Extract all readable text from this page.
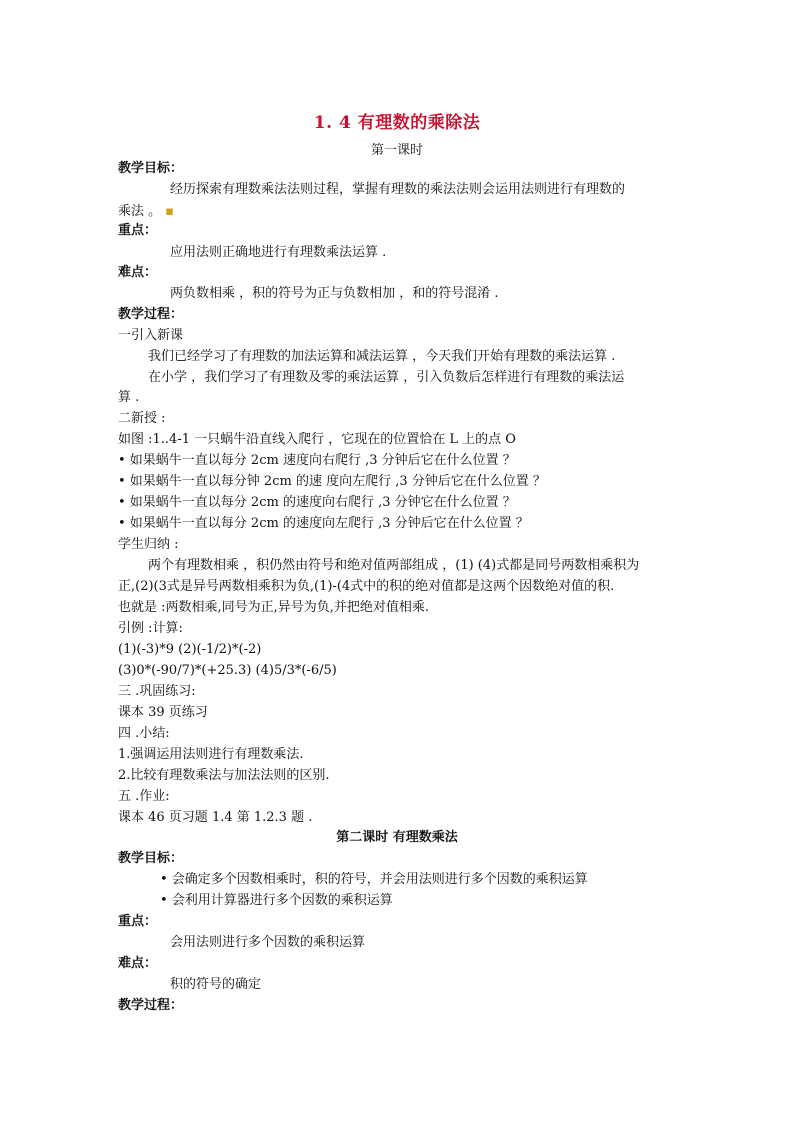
1. 4 有理数的乘除法
第一课时
教学目标：
经历探索有理数乘法法则过程，掌握有理数的乘法法则会运用法则进行有理数的
乘法 。 ▪
重点：
应用法则正确地进行有理数乘法运算 .
难点：
两负数相乘 ，积的符号为正与负数相加 ，和的符号混淆 .
教学过程：
一引入新课
我们已经学习了有理数的加法运算和减法运算 ，今天我们开始有理数的乘法运算 .
在小学 ，我们学习了有理数及零的乘法运算 ，引入负数后怎样进行有理数的乘法运
算 .
二新授 :
如图 :1..4-1 一只蜗牛沿直线入爬行 ，它现在的位置恰在 L 上的点 O
• 如果蜗牛一直以每分 2cm 速度向右爬行 ,3 分钟后它在什么位置 ？
• 如果蜗牛一直以每分钟 2cm 的速 度向左爬行 ,3 分钟后它在什么位置 ？
• 如果蜗牛一直以每分 2cm 的速度向右爬行 ,3 分钟它在什么位置 ？
• 如果蜗牛一直以每分 2cm 的速度向左爬行 ,3 分钟后它在什么位置 ？
学生归纳 :
两个有理数相乘 ，积仍然由符号和绝对值两部组成 ，(1) (4)式都是同号两数相乘积为
正,(2)(3式是异号两数相乘积为负,(1)-(4式中的积的绝对值都是这两个因数绝对值的积.
也就是 :两数相乘,同号为正,异号为负,并把绝对值相乘.
引例 :计算:
(1)(-3)*9 (2)(-1/2)*(-2)
(3)0*(-90/7)*(+25.3) (4)5/3*(-6/5)
三 .巩固练习:
课本 39 页练习
四 .小结:
1.强调运用法则进行有理数乘法.
2.比较有理数乘法与加法法则的区别.
五 .作业:
课本 46 页习题 1.4 第 1.2.3 题 .
第二课时 有理数乘法
教学目标：
• 会确定多个因数相乘时，积的符号，并会用法则进行多个因数的乘积运算
• 会利用计算器进行多个因数的乘积运算
重点：
会用法则进行多个因数的乘积运算
难点：
积的符号的确定
教学过程：
